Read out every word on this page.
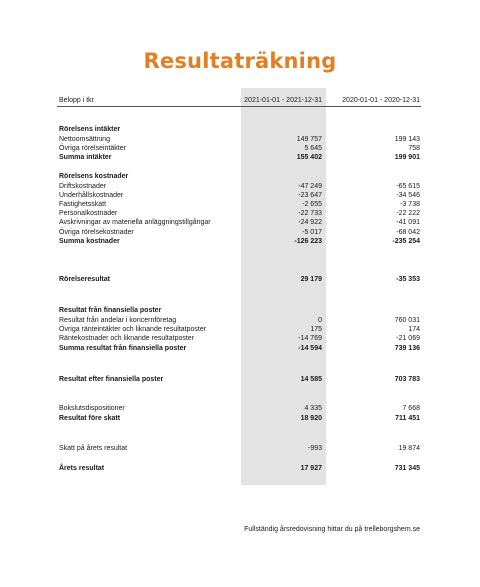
Resultaträkning
Belopp i tkr	2021-01-01 - 2021-12-31	2020-01-01 - 2020-12-31
Rörelsens intäkter
Nettoomsättning	149 757	199 143
Övriga rörelseintäkter	5 645	758
Summa intäkter	155 402	199 901
Rörelsens kostnader
Driftskostnader	-47 249	-65 615
Underhållskostnader	-23 647	-34 546
Fastighetsskatt	-2 655	-3 738
Personalkostnader	-22 733	-22 222
Avskrivningar av materiella anläggningstillgångar	-24 922	-41 091
Övriga rörelsekostnader	-5 017	-68 042
Summa kostnader	-126 223	-235 254
Rörelseresultat	29 179	-35 353
Resultat från finansiella poster
Resultat från andelar i koncernföretag	0	760 031
Övriga ränteintäkter och liknande resultatposter	175	174
Räntekostnader och liknande resultatposter	-14 769	-21 069
Summa resultat från finansiella poster	-14 594	739 136
Resultat efter finansiella poster	14 585	703 783
Bokslutsdispositioner	4 335	7 668
Resultat före skatt	18 920	711 451
Skatt på årets resultat	-993	19 874
Årets resultat	17 927	731 345
Fullständig årsredovisning hittar du på trelleborgshem.se
